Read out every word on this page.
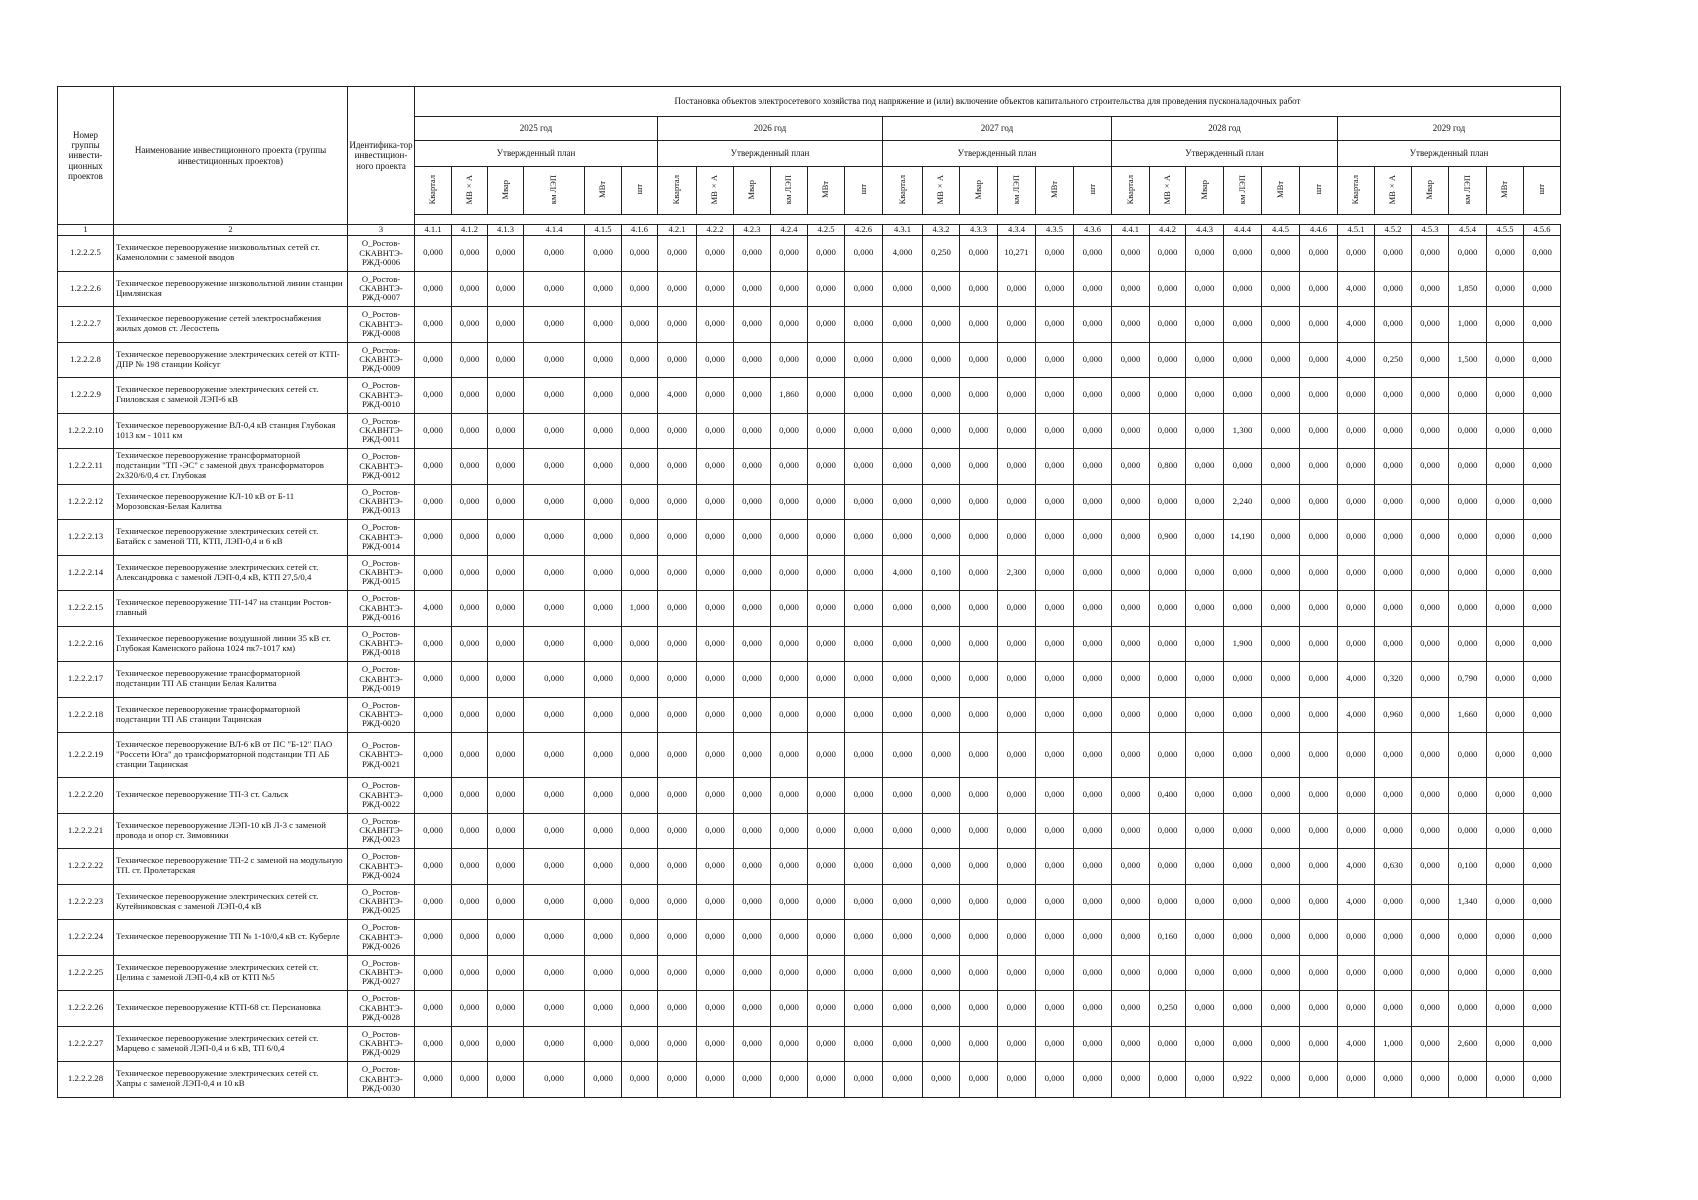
Номер группы инвести-ционных проектов	Наименование инвестиционного проекта (группы инвестиционных проектов)	Идентифика-тор инвестицион-ного проекта	Постановка объектов электросетевого хозяйства под напряжение и (или) включение объектов капитального строительства для проведения пусконаладочных работ																													
			2025 год						2026 год						2027 год						2028 год						2029 год					
			Утвержденный план						Утвержденный план						Утвержденный план						Утвержденный план						Утвержденный план					
			Квартал	МВ×А	Мвар	км ЛЭП	МВт	шт	Квартал	МВ×А	Мвар	км ЛЭП	МВт	шт	Квартал	МВ×А	Мвар	км ЛЭП	МВт	шт	Квартал	МВ×А	Мвар	км ЛЭП	МВт	шт	Квартал	МВ×А	Мвар	км ЛЭП	МВт	шт

1	2	3	4.1.1	4.1.2	4.1.3	4.1.4	4.1.5	4.1.6	4.2.1	4.2.2	4.2.3	4.2.4	4.2.5	4.2.6	4.3.1	4.3.2	4.3.3	4.3.4	4.3.5	4.3.6	4.4.1	4.4.2	4.4.3	4.4.4	4.4.5	4.4.6	4.5.1	4.5.2	4.5.3	4.5.4	4.5.5	4.5.6
1.2.2.2.5	Техническое перевооружение низковольтных сетей ст. Каменоломни с заменой вводов	О_Ростов-СКАВНТЭ-РЖД-0006	0,000	0,000	0,000	0,000	0,000	0,000	0,000	0,000	0,000	0,000	0,000	0,000	4,000	0,250	0,000	10,271	0,000	0,000	0,000	0,000	0,000	0,000	0,000	0,000	0,000	0,000	0,000	0,000	0,000	0,000
1.2.2.2.6	Техническое перевооружение низковольтной линии станции Цимлянская	О_Ростов-СКАВНТЭ-РЖД-0007	0,000	0,000	0,000	0,000	0,000	0,000	0,000	0,000	0,000	0,000	0,000	0,000	0,000	0,000	0,000	0,000	0,000	0,000	0,000	0,000	0,000	0,000	0,000	0,000	4,000	0,000	0,000	1,850	0,000	0,000
1.2.2.2.7	Техническое перевооружение сетей электроснабжения жилых домов ст. Лесостепь	О_Ростов-СКАВНТЭ-РЖД-0008	0,000	0,000	0,000	0,000	0,000	0,000	0,000	0,000	0,000	0,000	0,000	0,000	0,000	0,000	0,000	0,000	0,000	0,000	0,000	0,000	0,000	0,000	0,000	0,000	4,000	0,000	0,000	1,000	0,000	0,000
1.2.2.2.8	Техническое перевооружение электрических сетей от КТП-ДПР № 198 станции Койсуг	О_Ростов-СКАВНТЭ-РЖД-0009	0,000	0,000	0,000	0,000	0,000	0,000	0,000	0,000	0,000	0,000	0,000	0,000	0,000	0,000	0,000	0,000	0,000	0,000	0,000	0,000	0,000	0,000	0,000	0,000	4,000	0,250	0,000	1,500	0,000	0,000
1.2.2.2.9	Техническое перевооружение электрических сетей ст. Гниловская с заменой ЛЭП-6 кВ	О_Ростов-СКАВНТЭ-РЖД-0010	0,000	0,000	0,000	0,000	0,000	0,000	4,000	0,000	0,000	1,860	0,000	0,000	0,000	0,000	0,000	0,000	0,000	0,000	0,000	0,000	0,000	0,000	0,000	0,000	0,000	0,000	0,000	0,000	0,000	0,000
1.2.2.2.10	Техническое перевооружение ВЛ-0,4 кВ станция Глубокая 1013 км - 1011 км	О_Ростов-СКАВНТЭ-РЖД-0011	0,000	0,000	0,000	0,000	0,000	0,000	0,000	0,000	0,000	0,000	0,000	0,000	0,000	0,000	0,000	0,000	0,000	0,000	0,000	0,000	0,000	1,300	0,000	0,000	0,000	0,000	0,000	0,000	0,000	0,000
1.2.2.2.11	Техническое перевооружение трансформаторной подстанции "ТП -ЭС" с заменой двух трансформаторов 2х320/6/0,4 ст. Глубокая	О_Ростов-СКАВНТЭ-РЖД-0012	0,000	0,000	0,000	0,000	0,000	0,000	0,000	0,000	0,000	0,000	0,000	0,000	0,000	0,000	0,000	0,000	0,000	0,000	0,000	0,800	0,000	0,000	0,000	0,000	0,000	0,000	0,000	0,000	0,000	0,000
1.2.2.2.12	Техническое перевооружение КЛ-10 кВ от Б-11 Морозовская-Белая Калитва	О_Ростов-СКАВНТЭ-РЖД-0013	0,000	0,000	0,000	0,000	0,000	0,000	0,000	0,000	0,000	0,000	0,000	0,000	0,000	0,000	0,000	0,000	0,000	0,000	0,000	0,000	0,000	2,240	0,000	0,000	0,000	0,000	0,000	0,000	0,000	0,000
1.2.2.2.13	Техническое перевооружение электрических сетей ст. Батайск с заменой ТП, КТП, ЛЭП-0,4 и 6 кВ	О_Ростов-СКАВНТЭ-РЖД-0014	0,000	0,000	0,000	0,000	0,000	0,000	0,000	0,000	0,000	0,000	0,000	0,000	0,000	0,000	0,000	0,000	0,000	0,000	0,000	0,900	0,000	14,190	0,000	0,000	0,000	0,000	0,000	0,000	0,000	0,000
1.2.2.2.14	Техническое перевооружение электрических сетей ст. Александровка с заменой ЛЭП-0,4 кВ, КТП 27,5/0,4	О_Ростов-СКАВНТЭ-РЖД-0015	0,000	0,000	0,000	0,000	0,000	0,000	0,000	0,000	0,000	0,000	0,000	0,000	4,000	0,100	0,000	2,300	0,000	0,000	0,000	0,000	0,000	0,000	0,000	0,000	0,000	0,000	0,000	0,000	0,000	0,000
1.2.2.2.15	Техническое перевооружение ТП-147 на станции Ростов-главный	О_Ростов-СКАВНТЭ-РЖД-0016	4,000	0,000	0,000	0,000	0,000	1,000	0,000	0,000	0,000	0,000	0,000	0,000	0,000	0,000	0,000	0,000	0,000	0,000	0,000	0,000	0,000	0,000	0,000	0,000	0,000	0,000	0,000	0,000	0,000	0,000
1.2.2.2.16	Техническое перевооружение воздушной линии 35 кВ ст. Глубокая Каменского района 1024 пк7-1017 км)	О_Ростов-СКАВНТЭ-РЖД-0018	0,000	0,000	0,000	0,000	0,000	0,000	0,000	0,000	0,000	0,000	0,000	0,000	0,000	0,000	0,000	0,000	0,000	0,000	0,000	0,000	0,000	1,900	0,000	0,000	0,000	0,000	0,000	0,000	0,000	0,000
1.2.2.2.17	Техническое перевооружение трансформаторной подстанции ТП АБ станции Белая Калитва	О_Ростов-СКАВНТЭ-РЖД-0019	0,000	0,000	0,000	0,000	0,000	0,000	0,000	0,000	0,000	0,000	0,000	0,000	0,000	0,000	0,000	0,000	0,000	0,000	0,000	0,000	0,000	0,000	0,000	0,000	4,000	0,320	0,000	0,790	0,000	0,000
1.2.2.2.18	Техническое перевооружение трансформаторной подстанции ТП АБ станции Тацинская	О_Ростов-СКАВНТЭ-РЖД-0020	0,000	0,000	0,000	0,000	0,000	0,000	0,000	0,000	0,000	0,000	0,000	0,000	0,000	0,000	0,000	0,000	0,000	0,000	0,000	0,000	0,000	0,000	0,000	0,000	4,000	0,960	0,000	1,660	0,000	0,000
1.2.2.2.19	Техническое перевооружение ВЛ-6 кВ от ПС "Б-12" ПАО "Россети Юга" до трансформаторной подстанции ТП АБ станции Тацинская	О_Ростов-СКАВНТЭ-РЖД-0021	0,000	0,000	0,000	0,000	0,000	0,000	0,000	0,000	0,000	0,000	0,000	0,000	0,000	0,000	0,000	0,000	0,000	0,000	0,000	0,000	0,000	0,000	0,000	0,000	0,000	0,000	0,000	0,000	0,000	0,000
1.2.2.2.20	Техническое перевооружение ТП-3 ст. Сальск	О_Ростов-СКАВНТЭ-РЖД-0022	0,000	0,000	0,000	0,000	0,000	0,000	0,000	0,000	0,000	0,000	0,000	0,000	0,000	0,000	0,000	0,000	0,000	0,000	0,000	0,400	0,000	0,000	0,000	0,000	0,000	0,000	0,000	0,000	0,000	0,000
1.2.2.2.21	Техническое перевооружение ЛЭП-10 кВ Л-3 с заменой провода и опор ст. Зимовники	О_Ростов-СКАВНТЭ-РЖД-0023	0,000	0,000	0,000	0,000	0,000	0,000	0,000	0,000	0,000	0,000	0,000	0,000	0,000	0,000	0,000	0,000	0,000	0,000	0,000	0,000	0,000	0,000	0,000	0,000	0,000	0,000	0,000	0,000	0,000	0,000
1.2.2.2.22	Техническое перевооружение ТП-2 с заменой на модульную ТП. ст. Пролетарская	О_Ростов-СКАВНТЭ-РЖД-0024	0,000	0,000	0,000	0,000	0,000	0,000	0,000	0,000	0,000	0,000	0,000	0,000	0,000	0,000	0,000	0,000	0,000	0,000	0,000	0,000	0,000	0,000	0,000	0,000	4,000	0,630	0,000	0,100	0,000	0,000
1.2.2.2.23	Техническое перевооружение электрических сетей ст. Кутейниковская с заменой ЛЭП-0,4 кВ	О_Ростов-СКАВНТЭ-РЖД-0025	0,000	0,000	0,000	0,000	0,000	0,000	0,000	0,000	0,000	0,000	0,000	0,000	0,000	0,000	0,000	0,000	0,000	0,000	0,000	0,000	0,000	0,000	0,000	0,000	4,000	0,000	0,000	1,340	0,000	0,000
1.2.2.2.24	Техническое перевооружение ТП № 1-10/0,4 кВ ст. Куберле	О_Ростов-СКАВНТЭ-РЖД-0026	0,000	0,000	0,000	0,000	0,000	0,000	0,000	0,000	0,000	0,000	0,000	0,000	0,000	0,000	0,000	0,000	0,000	0,000	0,000	0,160	0,000	0,000	0,000	0,000	0,000	0,000	0,000	0,000	0,000	0,000
1.2.2.2.25	Техническое перевооружение электрических сетей ст. Целина с заменой ЛЭП-0,4 кВ от КТП №5	О_Ростов-СКАВНТЭ-РЖД-0027	0,000	0,000	0,000	0,000	0,000	0,000	0,000	0,000	0,000	0,000	0,000	0,000	0,000	0,000	0,000	0,000	0,000	0,000	0,000	0,000	0,000	0,000	0,000	0,000	0,000	0,000	0,000	0,000	0,000	0,000
1.2.2.2.26	Техническое перевооружение КТП-68 ст. Персиановка	О_Ростов-СКАВНТЭ-РЖД-0028	0,000	0,000	0,000	0,000	0,000	0,000	0,000	0,000	0,000	0,000	0,000	0,000	0,000	0,000	0,000	0,000	0,000	0,000	0,000	0,250	0,000	0,000	0,000	0,000	0,000	0,000	0,000	0,000	0,000	0,000
1.2.2.2.27	Техническое перевооружение электрических сетей ст. Марцево с заменой ЛЭП-0,4 и 6 кВ, ТП 6/0,4	О_Ростов-СКАВНТЭ-РЖД-0029	0,000	0,000	0,000	0,000	0,000	0,000	0,000	0,000	0,000	0,000	0,000	0,000	0,000	0,000	0,000	0,000	0,000	0,000	0,000	0,000	0,000	0,000	0,000	0,000	4,000	1,000	0,000	2,600	0,000	0,000
1.2.2.2.28	Техническое перевооружение электрических сетей ст. Хапры с заменой ЛЭП-0,4 и 10 кВ	О_Ростов-СКАВНТЭ-РЖД-0030	0,000	0,000	0,000	0,000	0,000	0,000	0,000	0,000	0,000	0,000	0,000	0,000	0,000	0,000	0,000	0,000	0,000	0,000	0,000	0,000	0,000	0,922	0,000	0,000	0,000	0,000	0,000	0,000	0,000	0,000
